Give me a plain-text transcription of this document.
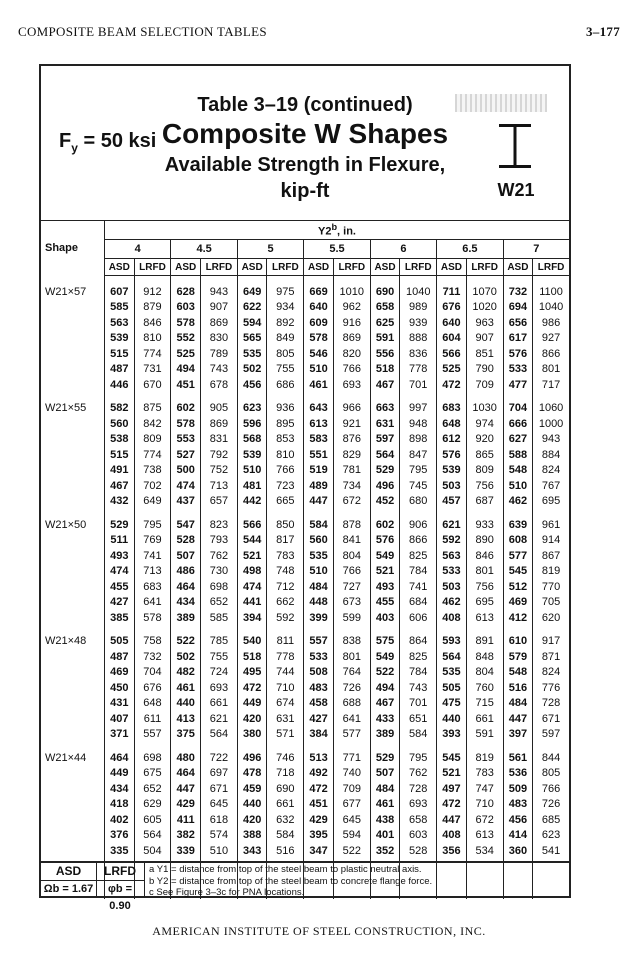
COMPOSITE BEAM SELECTION TABLES	3–177
$F_y = 50$ ksi
Table 3–19 (continued)
Composite W Shapes
Available Strength in Flexure,
kip-ft	W21
Shape	Y2$^b$, in.													
	4		4.5		5		5.5		6		6.5		7	
	ASD	LRFD	ASD	LRFD	ASD	LRFD	ASD	LRFD	ASD	LRFD	ASD	LRFD	ASD	LRFD

W21×57	607	912	628	943	649	975	669	1010	690	1040	711	1070	732	1100
	585	879	603	907	622	934	640	962	658	989	676	1020	694	1040
	563	846	578	869	594	892	609	916	625	939	640	963	656	986
	539	810	552	830	565	849	578	869	591	888	604	907	617	927
	515	774	525	789	535	805	546	820	556	836	566	851	576	866
	487	731	494	743	502	755	510	766	518	778	525	790	533	801
	446	670	451	678	456	686	461	693	467	701	472	709	477	717

W21×55	582	875	602	905	623	936	643	966	663	997	683	1030	704	1060
	560	842	578	869	596	895	613	921	631	948	648	974	666	1000
	538	809	553	831	568	853	583	876	597	898	612	920	627	943
	515	774	527	792	539	810	551	829	564	847	576	865	588	884
	491	738	500	752	510	766	519	781	529	795	539	809	548	824
	467	702	474	713	481	723	489	734	496	745	503	756	510	767
	432	649	437	657	442	665	447	672	452	680	457	687	462	695

W21×50	529	795	547	823	566	850	584	878	602	906	621	933	639	961
	511	769	528	793	544	817	560	841	576	866	592	890	608	914
	493	741	507	762	521	783	535	804	549	825	563	846	577	867
	474	713	486	730	498	748	510	766	521	784	533	801	545	819
	455	683	464	698	474	712	484	727	493	741	503	756	512	770
	427	641	434	652	441	662	448	673	455	684	462	695	469	705
	385	578	389	585	394	592	399	599	403	606	408	613	412	620

W21×48	505	758	522	785	540	811	557	838	575	864	593	891	610	917
	487	732	502	755	518	778	533	801	549	825	564	848	579	871
	469	704	482	724	495	744	508	764	522	784	535	804	548	824
	450	676	461	693	472	710	483	726	494	743	505	760	516	776
	431	648	440	661	449	674	458	688	467	701	475	715	484	728
	407	611	413	621	420	631	427	641	433	651	440	661	447	671
	371	557	375	564	380	571	384	577	389	584	393	591	397	597

W21×44	464	698	480	722	496	746	513	771	529	795	545	819	561	844
	449	675	464	697	478	718	492	740	507	762	521	783	536	805
	434	652	447	671	459	690	472	709	484	728	497	747	509	766
	418	629	429	645	440	661	451	677	461	693	472	710	483	726
	402	605	411	618	420	632	429	645	438	658	447	672	456	685
	376	564	382	574	388	584	395	594	401	603	408	613	414	623
	335	504	339	510	343	516	347	522	352	528	356	534	360	541

ASD	LRFD
Ωb = 1.67	φb = 0.90
a Y1 = distance from top of the steel beam to plastic neutral axis.
b Y2 = distance from top of the steel beam to concrete flange force.
c See Figure 3–3c for PNA locations.
AMERICAN INSTITUTE OF STEEL CONSTRUCTION, INC.
